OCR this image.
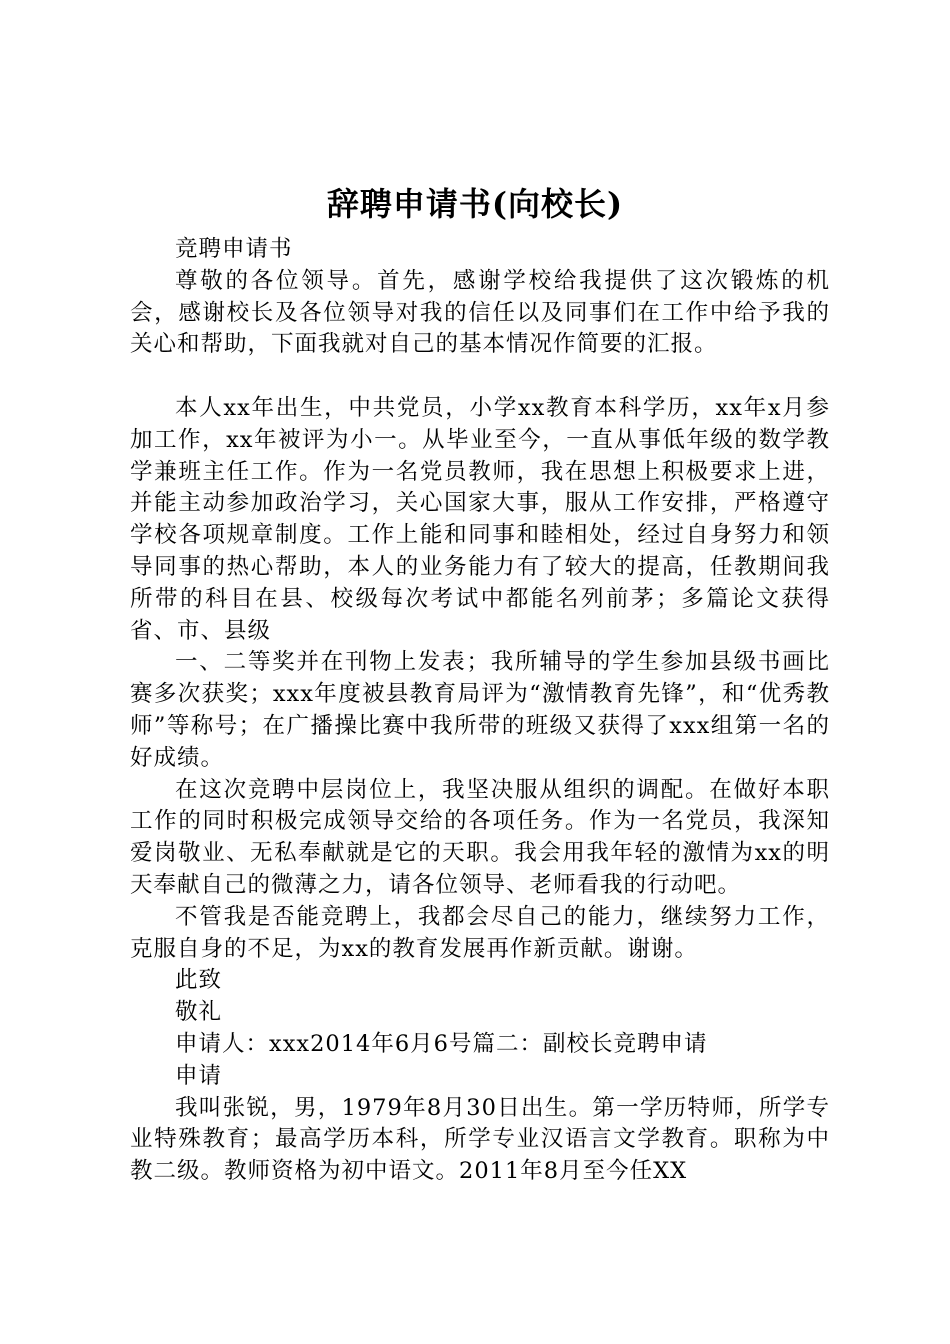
辞聘申请书(向校长)

竞聘申请书

尊敬的各位领导。首先，感谢学校给我提供了这次锻炼的机会，感谢校长及各位领导对我的信任以及同事们在工作中给予我的关心和帮助，下面我就对自己的基本情况作简要的汇报。

本人xx年出生，中共党员，小学xx教育本科学历，xx年x月参加工作，xx年被评为小一。从毕业至今，一直从事低年级的数学教学兼班主任工作。作为一名党员教师，我在思想上积极要求上进，并能主动参加政治学习，关心国家大事，服从工作安排，严格遵守学校各项规章制度。工作上能和同事和睦相处，经过自身努力和领导同事的热心帮助，本人的业务能力有了较大的提高，任教期间我所带的科目在县、校级每次考试中都能名列前茅；多篇论文获得省、市、县级

一、二等奖并在刊物上发表；我所辅导的学生参加县级书画比赛多次获奖；xxx年度被县教育局评为“激情教育先锋”，和“优秀教师”等称号；在广播操比赛中我所带的班级又获得了xxx组第一名的好成绩。

在这次竞聘中层岗位上，我坚决服从组织的调配。在做好本职工作的同时积极完成领导交给的各项任务。作为一名党员，我深知爱岗敬业、无私奉献就是它的天职。我会用我年轻的激情为xx的明天奉献自己的微薄之力，请各位领导、老师看我的行动吧。

不管我是否能竞聘上，我都会尽自己的能力，继续努力工作，克服自身的不足，为xx的教育发展再作新贡献。谢谢。

此致

敬礼

申请人：xxx2014年6月6号篇二：副校长竞聘申请

申请

我叫张锐，男，1979年8月30日出生。第一学历特师，所学专业特殊教育；最高学历本科，所学专业汉语言文学教育。职称为中教二级。教师资格为初中语文。2011年8月至今任XX
